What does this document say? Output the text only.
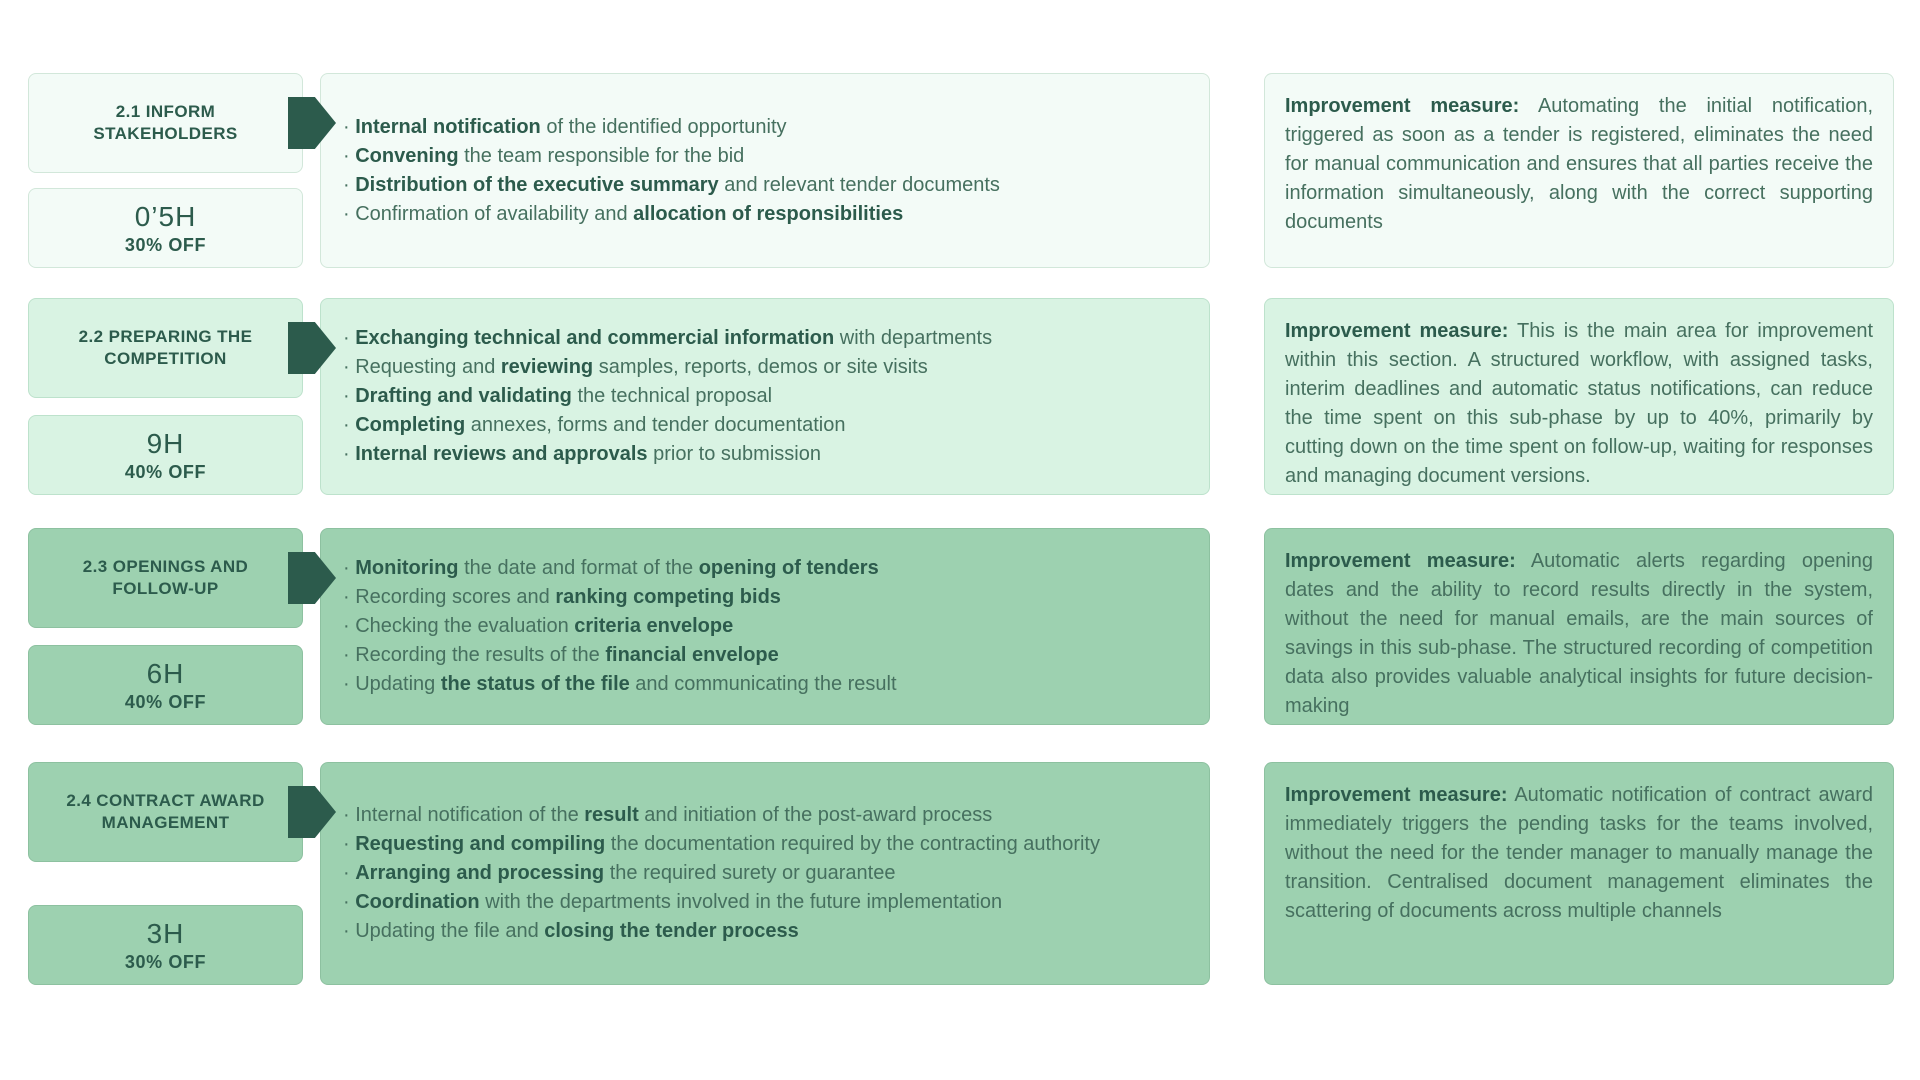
2.1 INFORM STAKEHOLDERS
0’5H
30% OFF
· Internal notification of the identified opportunity
· Convening the team responsible for the bid
· Distribution of the executive summary and relevant tender documents
· Confirmation of availability and allocation of responsibilities

Improvement measure: Automating the initial notification, triggered as soon as a tender is registered, eliminates the need for manual communication and ensures that all parties receive the information simultaneously, along with the correct supporting documents

2.2 PREPARING THE COMPETITION
9H
40% OFF
· Exchanging technical and commercial information with departments
· Requesting and reviewing samples, reports, demos or site visits
· Drafting and validating the technical proposal
· Completing annexes, forms and tender documentation
· Internal reviews and approvals prior to submission

Improvement measure: This is the main area for improvement within this section. A structured workflow, with assigned tasks, interim deadlines and automatic status notifications, can reduce the time spent on this sub-phase by up to 40%, primarily by cutting down on the time spent on follow-up, waiting for responses and managing document versions.

2.3 OPENINGS AND FOLLOW-UP
6H
40% OFF
· Monitoring the date and format of the opening of tenders
· Recording scores and ranking competing bids
· Checking the evaluation criteria envelope
· Recording the results of the financial envelope
· Updating the status of the file and communicating the result

Improvement measure: Automatic alerts regarding opening dates and the ability to record results directly in the system, without the need for manual emails, are the main sources of savings in this sub-phase. The structured recording of competition data also provides valuable analytical insights for future decision-making

2.4 CONTRACT AWARD MANAGEMENT
3H
30% OFF
· Internal notification of the result and initiation of the post-award process
· Requesting and compiling the documentation required by the contracting authority
· Arranging and processing the required surety or guarantee
· Coordination with the departments involved in the future implementation
· Updating the file and closing the tender process

Improvement measure: Automatic notification of contract award immediately triggers the pending tasks for the teams involved, without the need for the tender manager to manually manage the transition. Centralised document management eliminates the scattering of documents across multiple channels
